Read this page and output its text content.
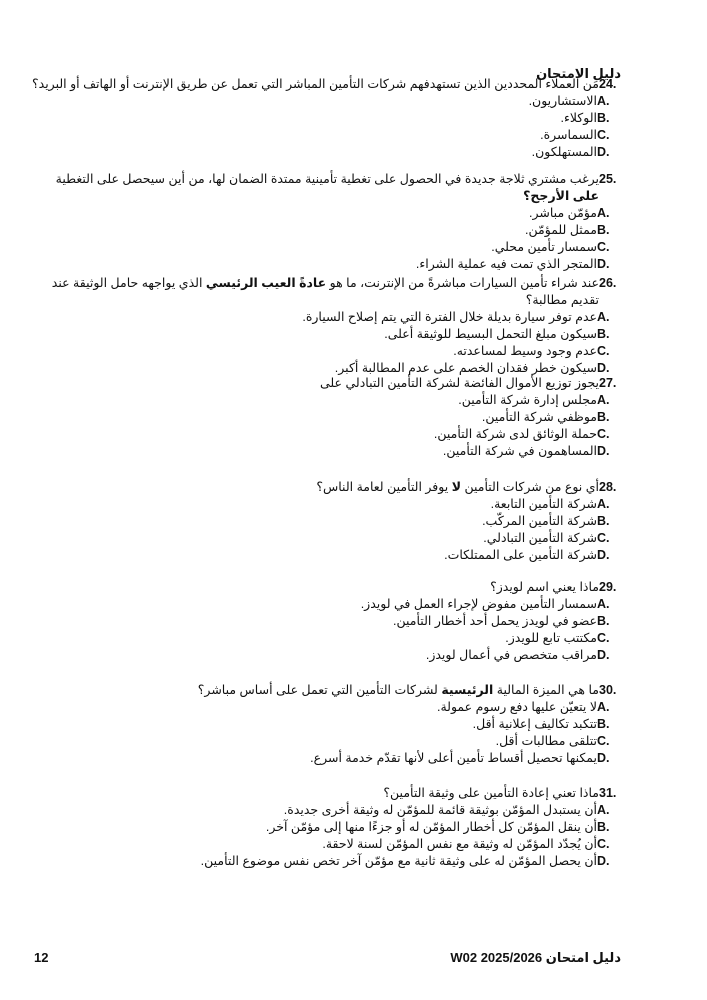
دليل الامتحان
24.
مَن العملاء المحددين الذين تستهدفهم شركات التأمين المباشر التي تعمل عن طريق الإنترنت أو الهاتف أو البريد؟
A.
الاستشاريون.
B.
الوكلاء.
C.
السماسرة.
D.
المستهلكون.
25.
يرغب مشتري ثلاجة جديدة في الحصول على تغطية تأمينية ممتدة الضمان لها، من أين سيحصل على التغطية على الأرجح؟
A.
مؤمّن مباشر.
B.
ممثل للمؤمّن.
C.
سمسار تأمين محلي.
D.
المتجر الذي تمت فيه عملية الشراء.
26.
عند شراء تأمين السيارات مباشرةً من الإنترنت، ما هو عادةً العيب الرئيسي الذي يواجهه حامل الوثيقة عند تقديم مطالبة؟
A.
عدم توفر سيارة بديلة خلال الفترة التي يتم إصلاح السيارة.
B.
سيكون مبلغ التحمل البسيط للوثيقة أعلى.
C.
عدم وجود وسيط لمساعدته.
D.
سيكون خطر فقدان الخصم على عدم المطالبة أكبر.
27.
يجوز توزيع الأموال الفائضة لشركة التأمين التبادلي على
A.
مجلس إدارة شركة التأمين.
B.
موظفي شركة التأمين.
C.
حملة الوثائق لدى شركة التأمين.
D.
المساهمون في شركة التأمين.
28.
أي نوع من شركات التأمين لا يوفر التأمين لعامة الناس؟
A.
شركة التأمين التابعة.
B.
شركة التأمين المركّب.
C.
شركة التأمين التبادلي.
D.
شركة التأمين على الممتلكات.
29.
ماذا يعني اسم لويدز؟
A.
سمسار التأمين مفوض لإجراء العمل في لويدز.
B.
عضو في لويدز يحمل أحد أخطار التأمين.
C.
مكتتب تابع للويدز.
D.
مراقب متخصص في أعمال لويدز.
30.
ما هي الميزة المالية الرئيسية لشركات التأمين التي تعمل على أساس مباشر؟
A.
لا يتعيّن عليها دفع رسوم عمولة.
B.
تتكبد تكاليف إعلانية أقل.
C.
تتلقى مطالبات أقل.
D.
يمكنها تحصيل أقساط تأمين أعلى لأنها تقدّم خدمة أسرع.
31.
ماذا تعني إعادة التأمين على وثيقة التأمين؟
A.
أن يستبدل المؤمّن بوثيقة قائمة للمؤمّن له وثيقة أخرى جديدة.
B.
أن ينقل المؤمّن كل أخطار المؤمّن له أو جزءًا منها إلى مؤمّن آخر.
C.
أن يُجدّد المؤمّن له وثيقة مع نفس المؤمّن لسنة لاحقة.
D.
أن يحصل المؤمّن له على وثيقة ثانية مع مؤمّن آخر تخص نفس موضوع التأمين.
12	دليل امتحان 2025/2026 W02
